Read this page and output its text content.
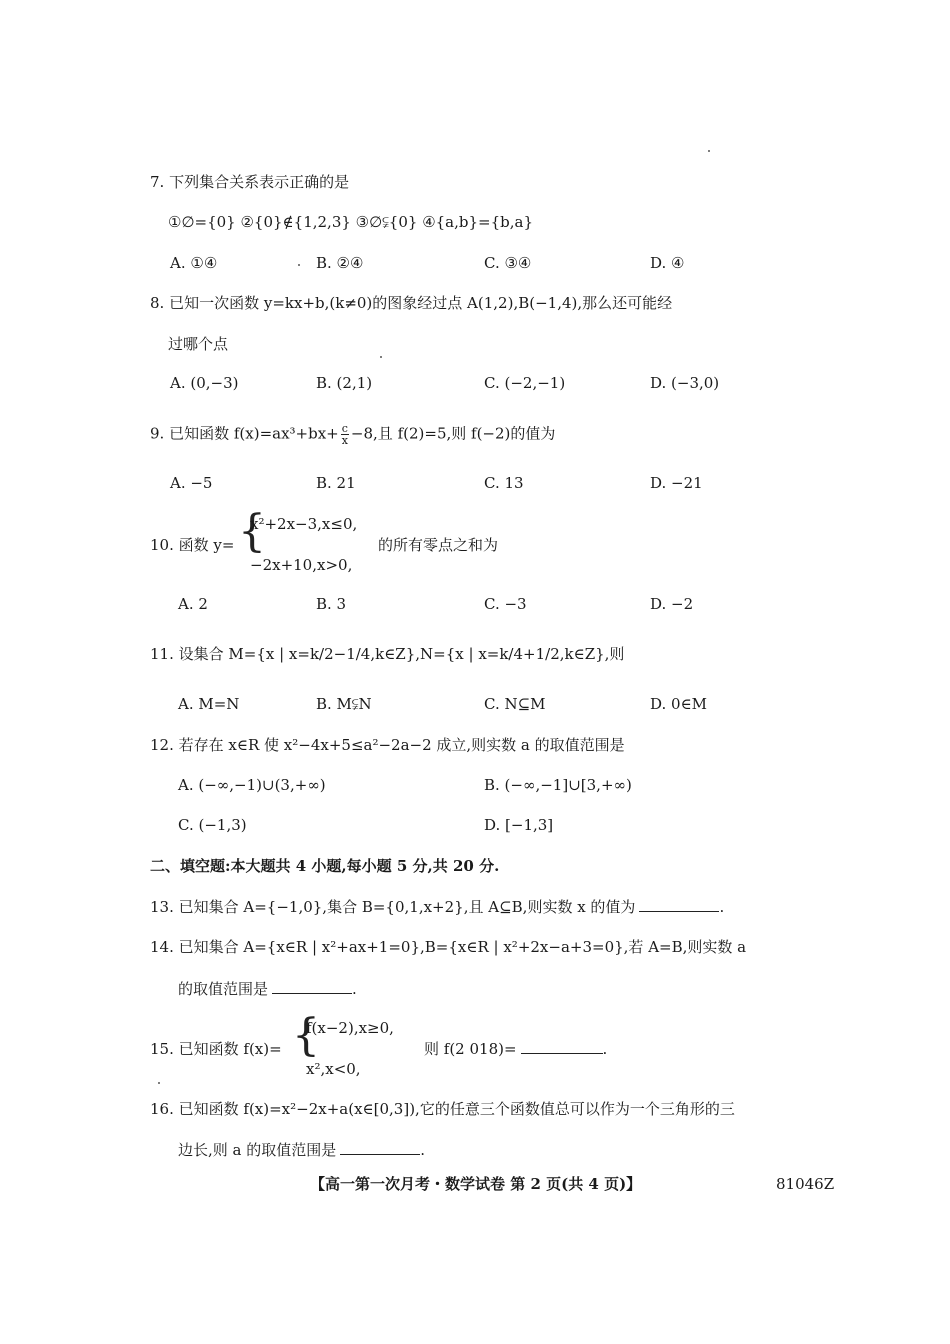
7. 下列集合关系表示正确的是
①∅={0} ②{0}∉{1,2,3} ③∅⫋{0} ④{a,b}={b,a}
A. ①④	B. ②④	C. ③④	D. ④
8. 已知一次函数 y=kx+b,(k≠0)的图象经过点 A(1,2),B(−1,4),那么还可能经
过哪个点
A. (0,−3)	B. (2,1)	C. (−2,−1)	D. (−3,0)
9. 已知函数 $f(x)=ax^3+bx+ \frac{c}{x} -8$,且 f(2)=5,则 f(−2)的值为
A. −5	B. 21	C. 13	D. −21
10. 函数 y= {
x²+2x−3,x≤0,
−2x+10,x>0,
的所有零点之和为
A. 2	B. 3	C. −3	D. −2
11. 设集合 M={x | x=k/2−1/4,k∈Z},N={x | x=k/4+1/2,k∈Z},则
A. M=N	B. M⫋N	C. N⊆M	D. 0∈M
12. 若存在 x∈R 使 x²−4x+5≤a²−2a−2 成立,则实数 a 的取值范围是
A. (−∞,−1)∪(3,+∞)	B. (−∞,−1]∪[3,+∞)
C. (−1,3)	D. [−1,3]
二、填空题:本大题共 4 小题,每小题 5 分,共 20 分.
13. 已知集合 A={−1,0},集合 B={0,1,x+2},且 A⊆B,则实数 x 的值为	.
14. 已知集合 A={x∈R | x²+ax+1=0},B={x∈R | x²+2x−a+3=0},若 A=B,则实数 a
的取值范围是	.
15. 已知函数 f(x)= {
f(x−2),x≥0,
x²,x<0,
则 f(2 018)=	.
16. 已知函数 f(x)=x²−2x+a(x∈[0,3]),它的任意三个函数值总可以作为一个三角形的三
边长,则 a 的取值范围是	.
【高一第一次月考・数学试卷 第 2 页(共 4 页)】	81046Z
